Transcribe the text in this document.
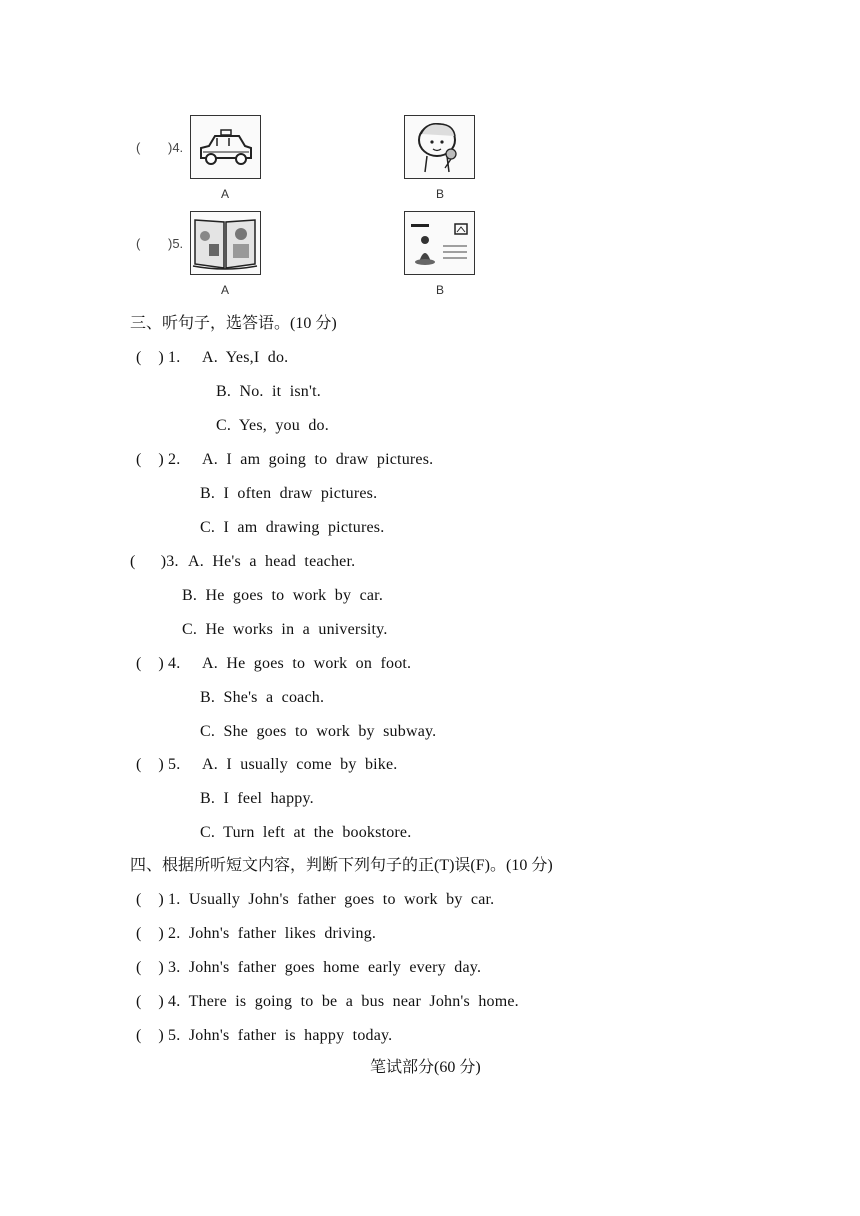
( )4.
A	B
( )5.
A	B
三、听句子，选答语。(10 分)
(    ) 1. A.  Yes,I  do.
B.  No.  it  isn't.
C.  Yes,  you  do.
(    ) 2. A.  I  am  going  to  draw  pictures.
B.  I  often  draw  pictures.
C.  I  am  drawing  pictures.
(      )3. A.  He's  a  head  teacher.
B.  He  goes  to  work  by  car.
C.  He  works  in  a  university.
(    ) 4. A.  He  goes  to  work  on  foot.
B.  She's  a  coach.
C.  She  goes  to  work  by  subway.
(    ) 5. A.  I  usually  come  by  bike.
B.  I  feel  happy.
C.  Turn  left  at  the  bookstore.
四、根据所听短文内容，判断下列句子的正(T)误(F)。(10 分)
(    ) 1.  Usually  John's  father  goes  to  work  by  car.
(    ) 2.  John's  father  likes  driving.
(    ) 3.  John's  father  goes  home  early  every  day.
(    ) 4.  There  is  going  to  be  a  bus  near  John's  home.
(    ) 5.  John's  father  is  happy  today.
笔试部分(60 分)
